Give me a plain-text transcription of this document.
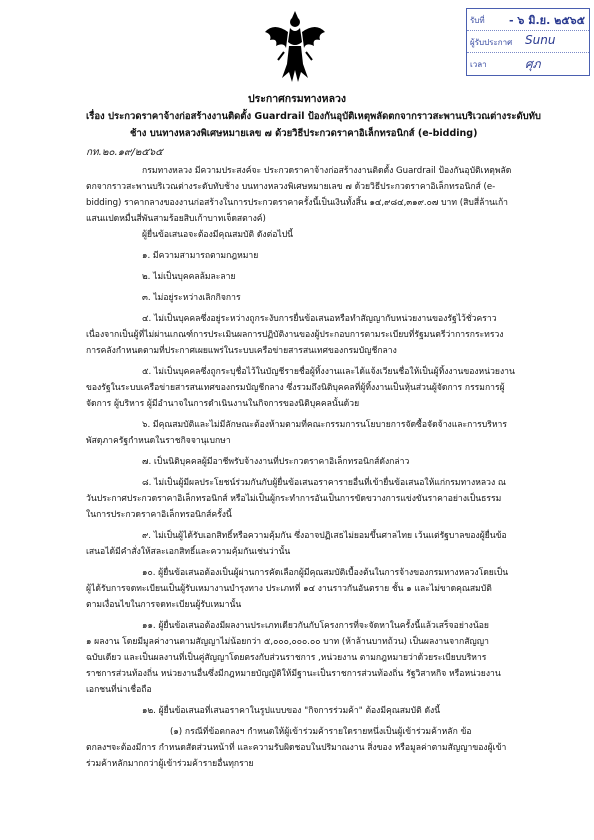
รับที่ - ๖ มิ.ย. ๒๕๖๕
ผู้รับประกาศ Sunu
เวลา	ศุภ
ประกาศกรมทางหลวง
เรื่อง ประกวดราคาจ้างก่อสร้างงานติดตั้ง Guardrail ป้องกันอุบัติเหตุพลัดตกจากราวสะพานบริเวณต่างระดับทับ
ช้าง บนทางหลวงพิเศษหมายเลข ๗ ด้วยวิธีประกวดราคาอิเล็กทรอนิกส์ (e-bidding)
กท.๒๐.๑๙/๒๕๖๕

กรมทางหลวง มีความประสงค์จะ ประกวดราคาจ้างก่อสร้างงานติดตั้ง Guardrail ป้องกันอุบัติเหตุพลัด

ตกจากราวสะพานบริเวณต่างระดับทับช้าง บนทางหลวงพิเศษหมายเลข ๗ ด้วยวิธีประกวดราคาอิเล็กทรอนิกส์ (e-

bidding) ราคากลางของงานก่อสร้างในการประกวดราคาครั้งนี้เป็นเงินทั้งสิ้น ๑๔,๙๘๔,๓๑๙.๐๗ บาท (สิบสี่ล้านเก้า

แสนแปดหมื่นสี่พันสามร้อยสิบเก้าบาทเจ็ดสตางค์)

ผู้ยื่นข้อเสนอจะต้องมีคุณสมบัติ ดังต่อไปนี้

๑. มีความสามารถตามกฎหมาย

๒. ไม่เป็นบุคคลล้มละลาย

๓. ไม่อยู่ระหว่างเลิกกิจการ

๔. ไม่เป็นบุคคลซึ่งอยู่ระหว่างถูกระงับการยื่นข้อเสนอหรือทำสัญญากับหน่วยงานของรัฐไว้ชั่วคราว

เนื่องจากเป็นผู้ที่ไม่ผ่านเกณฑ์การประเมินผลการปฏิบัติงานของผู้ประกอบการตามระเบียบที่รัฐมนตรีว่าการกระทรวง

การคลังกำหนดตามที่ประกาศเผยแพร่ในระบบเครือข่ายสารสนเทศของกรมบัญชีกลาง

๕. ไม่เป็นบุคคลซึ่งถูกระบุชื่อไว้ในบัญชีรายชื่อผู้ทิ้งงานและได้แจ้งเวียนชื่อให้เป็นผู้ทิ้งงานของหน่วยงาน

ของรัฐในระบบเครือข่ายสารสนเทศของกรมบัญชีกลาง ซึ่งรวมถึงนิติบุคคลที่ผู้ทิ้งงานเป็นหุ้นส่วนผู้จัดการ กรรมการผู้

จัดการ ผู้บริหาร ผู้มีอำนาจในการดำเนินงานในกิจการของนิติบุคคลนั้นด้วย

๖. มีคุณสมบัติและไม่มีลักษณะต้องห้ามตามที่คณะกรรมการนโยบายการจัดซื้อจัดจ้างและการบริหาร

พัสดุภาครัฐกำหนดในราชกิจจานุเบกษา

๗. เป็นนิติบุคคลผู้มีอาชีพรับจ้างงานที่ประกวดราคาอิเล็กทรอนิกส์ดังกล่าว

๘. ไม่เป็นผู้มีผลประโยชน์ร่วมกันกับผู้ยื่นข้อเสนอราคารายอื่นที่เข้ายื่นข้อเสนอให้แก่กรมทางหลวง ณ

วันประกาศประกวดราคาอิเล็กทรอนิกส์ หรือไม่เป็นผู้กระทำการอันเป็นการขัดขวางการแข่งขันราคาอย่างเป็นธรรม

ในการประกวดราคาอิเล็กทรอนิกส์ครั้งนี้

๙. ไม่เป็นผู้ได้รับเอกสิทธิ์หรือความคุ้มกัน ซึ่งอาจปฏิเสธไม่ยอมขึ้นศาลไทย เว้นแต่รัฐบาลของผู้ยื่นข้อ

เสนอได้มีคำสั่งให้สละเอกสิทธิ์และความคุ้มกันเช่นว่านั้น

๑๐. ผู้ยื่นข้อเสนอต้องเป็นผู้ผ่านการคัดเลือกผู้มีคุณสมบัติเบื้องต้นในการจ้างของกรมทางหลวงโดยเป็น

ผู้ได้รับการจดทะเบียนเป็นผู้รับเหมางานบำรุงทาง ประเภทที่ ๑๔ งานราวกันอันตราย ชั้น ๑ และไม่ขาดคุณสมบัติ

ตามเงื่อนไขในการจดทะเบียนผู้รับเหมานั้น

๑๑. ผู้ยื่นข้อเสนอต้องมีผลงานประเภทเดียวกันกับโครงการที่จะจัดหาในครั้งนี้แล้วเสร็จอย่างน้อย

๑ ผลงาน โดยมีมูลค่างานตามสัญญาไม่น้อยกว่า ๕,๐๐๐,๐๐๐.๐๐ บาท (ห้าล้านบาทถ้วน) เป็นผลงานจากสัญญา

ฉบับเดียว และเป็นผลงานที่เป็นคู่สัญญาโดยตรงกับส่วนราชการ ,หน่วยงาน ตามกฎหมายว่าด้วยระเบียบบริหาร

ราชการส่วนท้องถิ่น หน่วยงานอื่นซึ่งมีกฎหมายบัญญัติให้มีฐานะเป็นราชการส่วนท้องถิ่น รัฐวิสาหกิจ หรือหน่วยงาน

เอกชนที่น่าเชื่อถือ

๑๒. ผู้ยื่นข้อเสนอที่เสนอราคาในรูปแบบของ "กิจการร่วมค้า" ต้องมีคุณสมบัติ ดังนี้

(๑) กรณีที่ข้อตกลงฯ กำหนดให้ผู้เข้าร่วมค้ารายใดรายหนึ่งเป็นผู้เข้าร่วมค้าหลัก ข้อ

ตกลงฯจะต้องมีการ กำหนดสัดส่วนหน้าที่ และความรับผิดชอบในปริมาณงาน สิ่งของ หรือมูลค่าตามสัญญาของผู้เข้า

ร่วมค้าหลักมากกว่าผู้เข้าร่วมค้ารายอื่นทุกราย
